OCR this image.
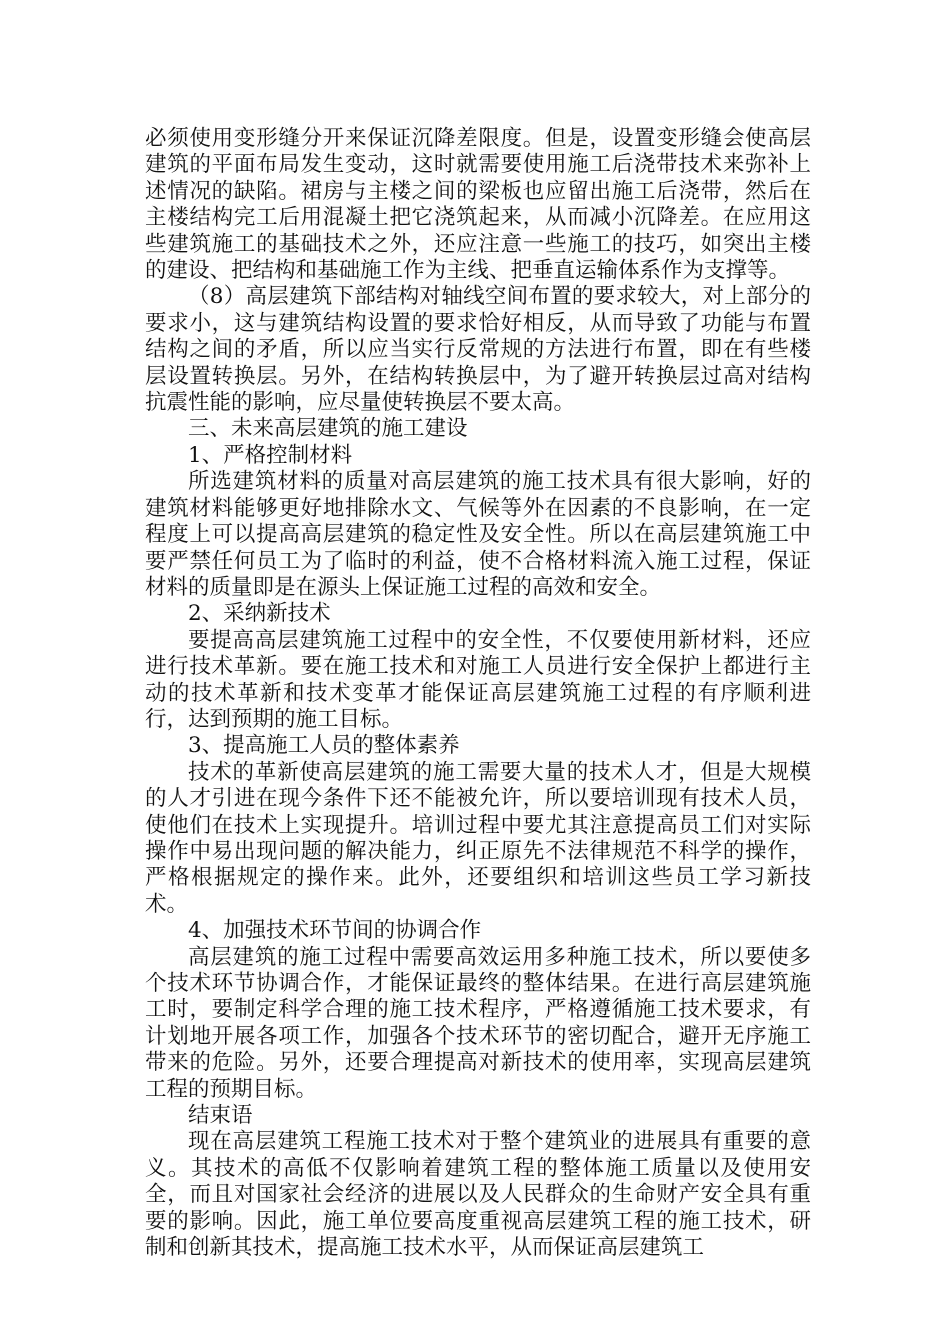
必须使用变形缝分开来保证沉降差限度。但是，设置变形缝会使高层建筑的平面布局发生变动，这时就需要使用施工后浇带技术来弥补上述情况的缺陷。裙房与主楼之间的梁板也应留出施工后浇带，然后在主楼结构完工后用混凝土把它浇筑起来，从而减小沉降差。在应用这些建筑施工的基础技术之外，还应注意一些施工的技巧，如突出主楼的建设、把结构和基础施工作为主线、把垂直运输体系作为支撑等。

（8）高层建筑下部结构对轴线空间布置的要求较大，对上部分的要求小，这与建筑结构设置的要求恰好相反，从而导致了功能与布置结构之间的矛盾，所以应当实行反常规的方法进行布置，即在有些楼层设置转换层。另外，在结构转换层中，为了避开转换层过高对结构抗震性能的影响，应尽量使转换层不要太高。

三、未来高层建筑的施工建设

1、严格控制材料

所选建筑材料的质量对高层建筑的施工技术具有很大影响，好的建筑材料能够更好地排除水文、气候等外在因素的不良影响，在一定程度上可以提高高层建筑的稳定性及安全性。所以在高层建筑施工中要严禁任何员工为了临时的利益，使不合格材料流入施工过程，保证材料的质量即是在源头上保证施工过程的高效和安全。

2、采纳新技术

要提高高层建筑施工过程中的安全性，不仅要使用新材料，还应进行技术革新。要在施工技术和对施工人员进行安全保护上都进行主动的技术革新和技术变革才能保证高层建筑施工过程的有序顺利进行，达到预期的施工目标。

3、提高施工人员的整体素养

技术的革新使高层建筑的施工需要大量的技术人才，但是大规模的人才引进在现今条件下还不能被允许，所以要培训现有技术人员，使他们在技术上实现提升。培训过程中要尤其注意提高员工们对实际操作中易出现问题的解决能力，纠正原先不法律规范不科学的操作，严格根据规定的操作来。此外，还要组织和培训这些员工学习新技术。

4、加强技术环节间的协调合作

高层建筑的施工过程中需要高效运用多种施工技术，所以要使多个技术环节协调合作，才能保证最终的整体结果。在进行高层建筑施工时，要制定科学合理的施工技术程序，严格遵循施工技术要求，有计划地开展各项工作，加强各个技术环节的密切配合，避开无序施工带来的危险。另外，还要合理提高对新技术的使用率，实现高层建筑工程的预期目标。

结束语

现在高层建筑工程施工技术对于整个建筑业的进展具有重要的意义。其技术的高低不仅影响着建筑工程的整体施工质量以及使用安全，而且对国家社会经济的进展以及人民群众的生命财产安全具有重要的影响。因此，施工单位要高度重视高层建筑工程的施工技术，研制和创新其技术，提高施工技术水平，从而保证高层建筑工
